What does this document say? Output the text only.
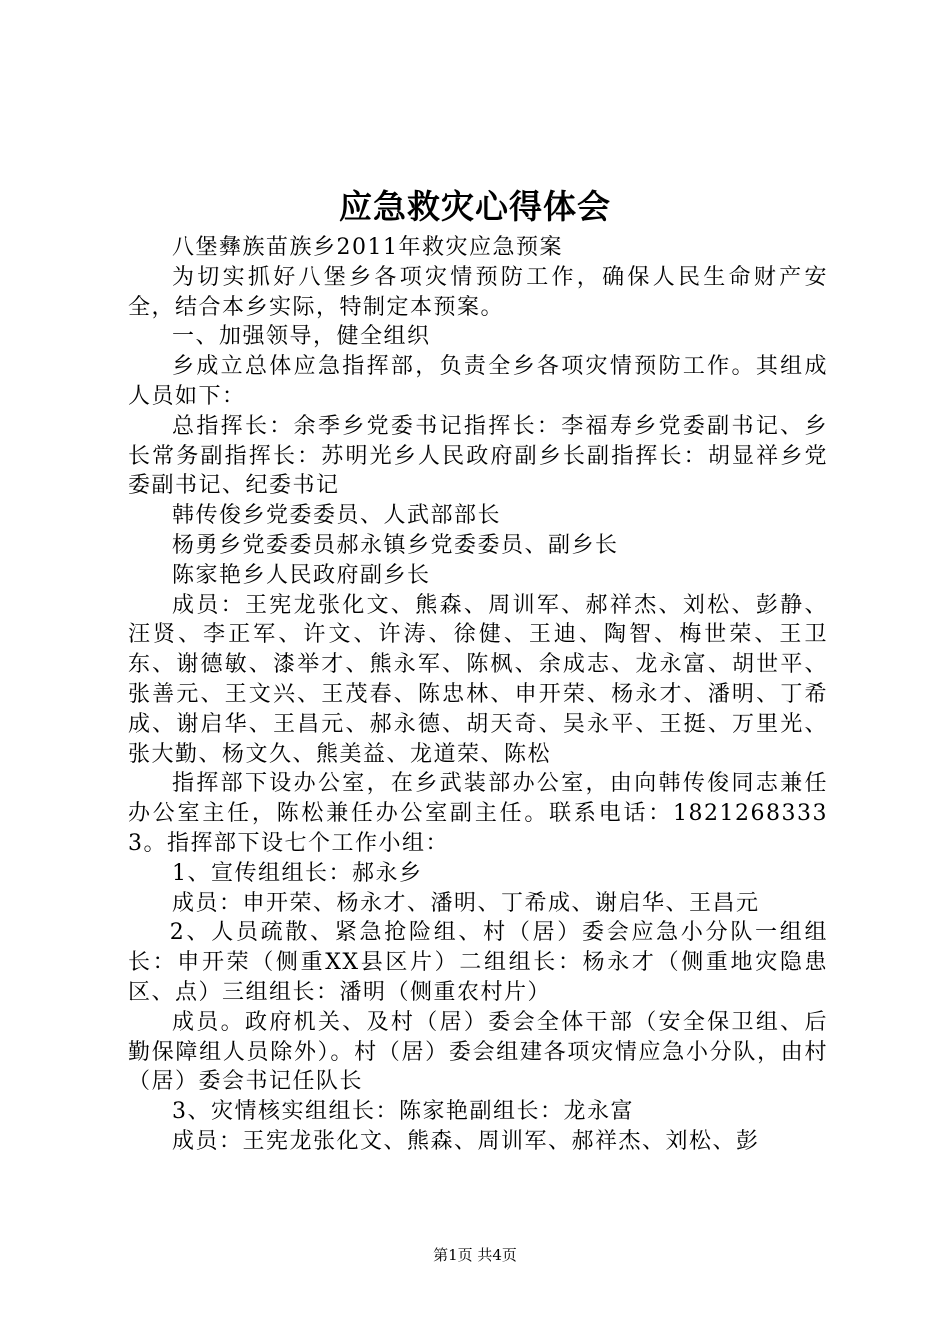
应急救灾心得体会

八堡彝族苗族乡2011年救灾应急预案

为切实抓好八堡乡各项灾情预防工作，确保人民生命财产安全，结合本乡实际，特制定本预案。

一、加强领导，健全组织

乡成立总体应急指挥部，负责全乡各项灾情预防工作。其组成人员如下：

总指挥长：余季乡党委书记指挥长：李福寿乡党委副书记、乡长常务副指挥长：苏明光乡人民政府副乡长副指挥长：胡显祥乡党委副书记、纪委书记

韩传俊乡党委委员、人武部部长

杨勇乡党委委员郝永镇乡党委委员、副乡长

陈家艳乡人民政府副乡长

成员：王宪龙张化文、熊森、周训军、郝祥杰、刘松、彭静、汪贤、李正军、许文、许涛、徐健、王迪、陶智、梅世荣、王卫东、谢德敏、漆举才、熊永军、陈枫、余成志、龙永富、胡世平、张善元、王文兴、王茂春、陈忠林、申开荣、杨永才、潘明、丁希成、谢启华、王昌元、郝永德、胡天奇、吴永平、王挺、万里光、张大勤、杨文久、熊美益、龙道荣、陈松

指挥部下设办公室，在乡武装部办公室，由向韩传俊同志兼任办公室主任，陈松兼任办公室副主任。联系电话：18212683333。指挥部下设七个工作小组：

1、宣传组组长：郝永乡

成员：申开荣、杨永才、潘明、丁希成、谢启华、王昌元

2、人员疏散、紧急抢险组、村（居）委会应急小分队一组组长：申开荣（侧重XX县区片）二组组长：杨永才（侧重地灾隐患区、点）三组组长：潘明（侧重农村片）

成员。政府机关、及村（居）委会全体干部（安全保卫组、后勤保障组人员除外）。村（居）委会组建各项灾情应急小分队，由村（居）委会书记任队长

3、灾情核实组组长：陈家艳副组长：龙永富

成员：王宪龙张化文、熊森、周训军、郝祥杰、刘松、彭

第1页 共4页
